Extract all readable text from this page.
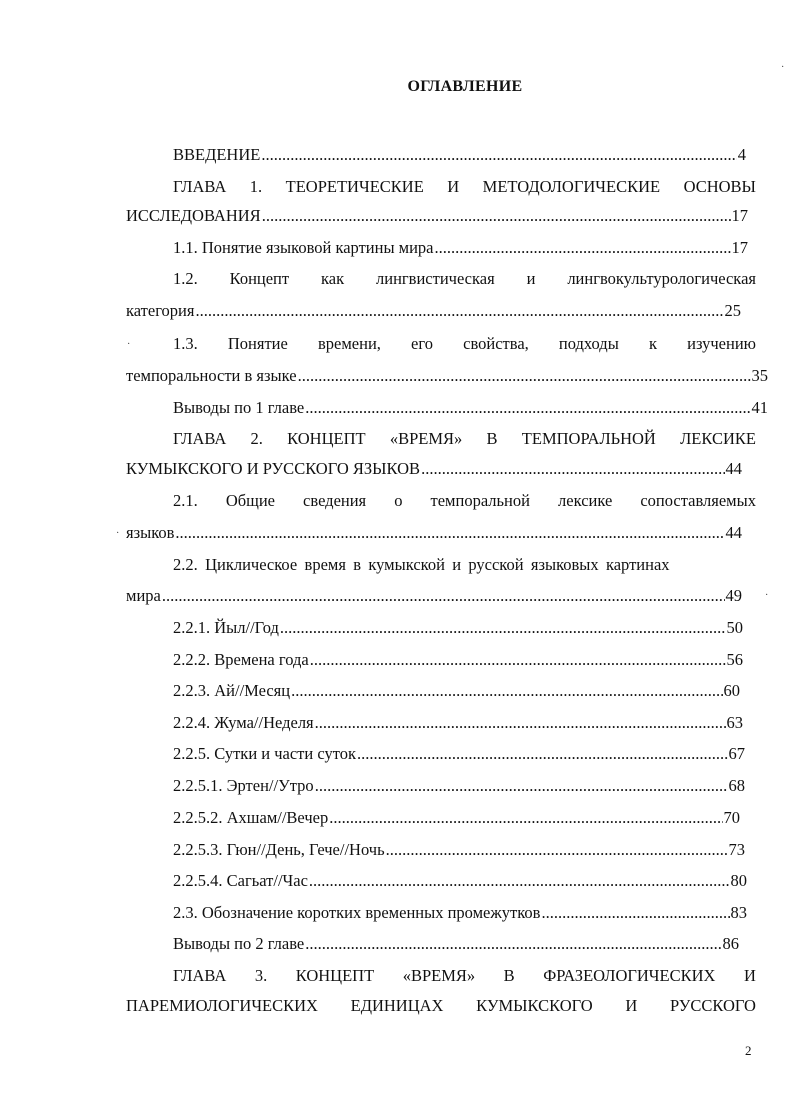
ОГЛАВЛЕНИЕ
ВВЕДЕНИЕ .....	4
ГЛАВА 1. ТЕОРЕТИЧЕСКИЕ И МЕТОДОЛОГИЧЕСКИЕ ОСНОВЫ
ИССЛЕДОВАНИЯ .....	17
1.1. Понятие языковой картины мира .....	17
1.2. Концепт как лингвистическая и лингвокультурологическая
категория .....	25
·	1.3. Понятие времени, его свойства, подходы к изучению
темпоральности в языке .....	35
Выводы по 1 главе .....	41
ГЛАВА 2. КОНЦЕПТ «ВРЕМЯ» В ТЕМПОРАЛЬНОЙ ЛЕКСИКЕ
КУМЫКСКОГО И РУССКОГО ЯЗЫКОВ .....	44
2.1. Общие сведения о темпоральной лексике сопоставляемых
· языков .....	44
2.2. Циклическое время в кумыкской и русской языковых картинах
мира .....	49
2.2.1. Йыл//Год .....	50
2.2.2. Времена года .....	56
2.2.3. Ай//Месяц .....	60
2.2.4. Жума//Неделя .....	63
2.2.5. Сутки и части суток .....	67
2.2.5.1. Эртен//Утро .....	68
2.2.5.2. Ахшам//Вечер .....	70
2.2.5.3. Гюн//День, Гече//Ночь .....	73
2.2.5.4. Сагьат//Час .....	80
2.3. Обозначение коротких временных промежутков .....	83
Выводы по 2 главе .....	86
ГЛАВА 3. КОНЦЕПТ «ВРЕМЯ» В ФРАЗЕОЛОГИЧЕСКИХ И
ПАРЕМИОЛОГИЧЕСКИХ ЕДИНИЦАХ КУМЫКСКОГО И РУССКОГО
·
·
2
